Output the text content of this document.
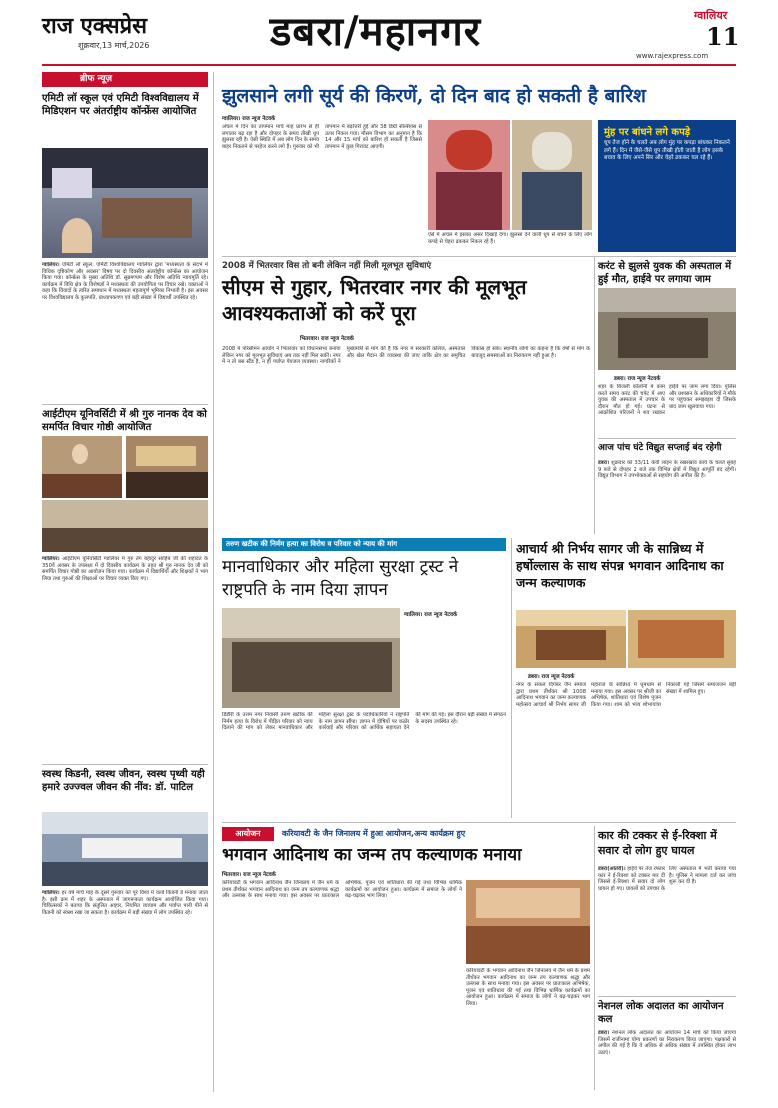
राज एक्सप्रेस
शुक्रवार,13 मार्च,2026	डबरा/महानगर	ग्वालियर
11
www.rajexpress.com
ब्रीफ न्यूज़
एमिटी लॉ स्कूल एवं एमिटी विश्वविद्यालय में मिडिएशन पर अंतर्राष्ट्रीय कॉन्फ्रेंस आयोजित
ग्वालियर। एमिटी लॉ स्कूल, एमिटी विश्वविद्यालय ग्वालियर द्वारा 'मध्यस्थता के संदर्भ में विधिक दृष्टिकोण और अवसर' विषय पर दो दिवसीय अंतर्राष्ट्रीय कॉन्फ्रेंस का आयोजन किया गया। कॉन्फ्रेंस के मुख्य अतिथि डॉ. सुब्रमण्यम और विशेष अतिथि न्यायमूर्ति रहे। कार्यक्रम में विधि क्षेत्र के विशेषज्ञों ने मध्यस्थता की उपयोगिता पर विचार रखे। वक्ताओं ने कहा कि विवादों के त्वरित समाधान में मध्यस्थता महत्वपूर्ण भूमिका निभाती है। इस अवसर पर विश्वविद्यालय के कुलपति, प्राध्यापकगण एवं बड़ी संख्या में विद्यार्थी उपस्थित रहे।
आईटीएम यूनिवर्सिटी में श्री गुरु नानक देव को समर्पित विचार गोष्ठी आयोजित
ग्वालियर। आईटीएम यूनिवर्सिटी ग्वालियर में गुरु तेग बहादुर साहिब जी की शहादत के 350वें अवसर के उपलक्ष्य में दो दिवसीय कार्यक्रम के तहत श्री गुरु नानक देव जी को समर्पित विचार गोष्ठी का आयोजन किया गया। कार्यक्रम में विद्यार्थियों और शिक्षकों ने भाग लिया तथा गुरुओं की शिक्षाओं पर विचार व्यक्त किए गए।
स्वस्थ किडनी, स्वस्थ जीवन, स्वस्थ पृथ्वी यही हमारे उज्ज्वल जीवन की नींव: डॉ. पाटिल
ग्वालियर। हर वर्ष मार्च माह के दूसरे गुरुवार को पूरे विश्व में वर्ल्ड किडनी डे मनाया जाता है। इसी क्रम में शहर के अस्पताल में जागरूकता कार्यक्रम आयोजित किया गया। चिकित्सकों ने बताया कि संतुलित आहार, नियमित व्यायाम और पर्याप्त पानी पीने से किडनी को स्वस्थ रखा जा सकता है। कार्यक्रम में बड़ी संख्या में लोग उपस्थित रहे।
झुलसाने लगी सूर्य की किरणें, दो दिन बाद हो सकती है बारिश
ग्वालियर। राज न्यूज नेटवर्क
अंचल में दिन का तापमान मार्च माह प्रारंभ से ही लगातार बढ़ रहा है और दोपहर के समय तीखी धूप झुलसा रही है। ऐसी स्थिति में अब लोग दिन के समय बाहर निकलने से परहेज करने लगे हैं। गुरुवार को भी तापमान में बढ़ोत्तरी हुई और 38 डिग्री सेल्सियस से ऊपर निकल गया। मौसम विभाग का अनुमान है कि 14 और 15 मार्च को बारिश हो सकती है जिससे तापमान में कुछ गिरावट आएगी।
ऐसे में अंचल में इसका असर दिखाई देगा। झुलसा देने वाली धूप से बचने के लिए लोग कपड़े से चेहरा ढककर निकल रहे हैं।
मुंह पर बांधने लगे कपड़े
धूप तेज होने के चलते अब लोग मुंह पर कपड़ा बांधकर निकलने लगे हैं। दिन में जैसे-जैसे धूप तीखी होती जाती है लोग इसके बचाव के लिए अपने सिर और चेहरे ढककर चल रहे हैं।
2008 में भितरवार विस तो बनी लेकिन नहीं मिली मूलभूत सुविधाएं
सीएम से गुहार, भितरवार नगर की मूलभूत आवश्यकताओं को करें पूरा
भितरवार। राज न्यूज नेटवर्क
2008 में परिसीमन आयोग ने भितरवार को विधानसभा बनाया लेकिन नगर को मूलभूत सुविधाएं अब तक नहीं मिल सकीं। नगर में न तो बस स्टैंड है, न ही पर्याप्त पेयजल व्यवस्था। नागरिकों ने मुख्यमंत्री से मांग की है कि नगर में सरकारी कॉलेज, अस्पताल और खेल मैदान की व्यवस्था की जाए ताकि क्षेत्र का समुचित विकास हो सके। स्थानीय लोगों का कहना है कि वर्षों से मांग के बावजूद समस्याओं का निराकरण नहीं हुआ है।
करंट से झुलसे युवक की अस्पताल में हुई मौत, हाईवे पर लगाया जाम
डबरा। राज न्यूज नेटवर्क
शहर के बिजली कॉलोनी में काम करते समय करंट की चपेट में आए युवक की अस्पताल में उपचार के दौरान मौत हो गई। घटना से आक्रोशित परिजनों ने शव रखकर हाईवे पर जाम लगा दिया। पुलिस और प्रशासन के अधिकारियों ने मौके पर पहुंचकर समझाइश दी जिसके बाद जाम खुलवाया गया।
आज पांच घंटे विद्युत सप्लाई बंद रहेगी
डबरा। शुक्रवार को 33/11 केवी लाइन के रखरखाव कार्य के चलते सुबह 9 बजे से दोपहर 2 बजे तक विभिन्न क्षेत्रों में विद्युत आपूर्ति बंद रहेगी। विद्युत विभाग ने उपभोक्ताओं से सहयोग की अपील की है।
तरुण खटीक की निर्मम हत्या का विरोध व परिवार को न्याय की मांग
मानवाधिकार और महिला सुरक्षा ट्रस्ट ने राष्ट्रपति के नाम दिया ज्ञापन
ग्वालियर। राज न्यूज नेटवर्क
डिंडौरी के उत्तम नगर निवासी तरुण खटीक की निर्मम हत्या के विरोध में पीड़ित परिवार को न्याय दिलाने की मांग को लेकर मानवाधिकार और महिला सुरक्षा ट्रस्ट के पदाधिकारियों ने राष्ट्रपति के नाम ज्ञापन सौंपा। ज्ञापन में दोषियों पर कठोर कार्रवाई और परिवार को आर्थिक सहायता देने की मांग की गई। इस दौरान बड़ी संख्या में संगठन के सदस्य उपस्थित रहे।
आचार्य श्री निर्भय सागर जी के सान्निध्य में हर्षोल्लास के साथ संपन्न भगवान आदिनाथ का जन्म कल्याणक
डबरा। राज न्यूज नेटवर्क
नगर के सकल दिगंबर जैन समाज द्वारा प्रथम तीर्थंकर श्री 1008 आदिनाथ भगवान का जन्म कल्याणक महोत्सव आचार्य श्री निर्भय सागर जी महाराज के सान्निध्य में धूमधाम से मनाया गया। इस अवसर पर श्रीजी का अभिषेक, शांतिधारा एवं विशेष पूजन किया गया। शाम को भव्य शोभायात्रा निकाली गई जिसमें समाजजन बड़ी संख्या में शामिल हुए।
आयोजन	करियावटी के जैन जिनालय में हुआ आयोजन,अन्य कार्यक्रम हुए
भगवान आदिनाथ का जन्म तप कल्याणक मनाया
भितरवार। राज न्यूज नेटवर्क
करियावटी के भगवान आदिनाथ जैन जिनालय में जैन धर्म के प्रथम तीर्थंकर भगवान आदिनाथ का जन्म तप कल्याणक श्रद्धा और उल्लास के साथ मनाया गया। इस अवसर पर प्रातःकाल अभिषेक, पूजन एवं शांतिधारा की गई तथा विभिन्न धार्मिक कार्यक्रमों का आयोजन हुआ। कार्यक्रम में समाज के लोगों ने बढ़-चढ़कर भाग लिया।
करियावटी के भगवान आदिनाथ जैन जिनालय में जैन धर्म के प्रथम तीर्थंकर भगवान आदिनाथ का जन्म तप कल्याणक श्रद्धा और उल्लास के साथ मनाया गया। इस अवसर पर प्रातःकाल अभिषेक, पूजन एवं शांतिधारा की गई तथा विभिन्न धार्मिक कार्यक्रमों का आयोजन हुआ। कार्यक्रम में समाज के लोगों ने बढ़-चढ़कर भाग लिया।
कार की टक्कर से ई-रिक्शा में सवार दो लोग हुए घायल
डबरा(आंतरी)। हाईवे पर तेज रफ्तार कार ने ई-रिक्शा को टक्कर मार दी जिससे ई-रिक्शा में सवार दो लोग घायल हो गए। घायलों को उपचार के लिए अस्पताल में भर्ती कराया गया है। पुलिस ने मामला दर्ज कर जांच शुरू कर दी है।
नेशनल लोक अदालत का आयोजन कल
डबरा। नेशनल लोक अदालत का आयोजन 14 मार्च को किया जाएगा जिसमें राजीनामा योग्य प्रकरणों का निराकरण किया जाएगा। पक्षकारों से अपील की गई है कि वे अधिक से अधिक संख्या में उपस्थित होकर लाभ उठाएं।
